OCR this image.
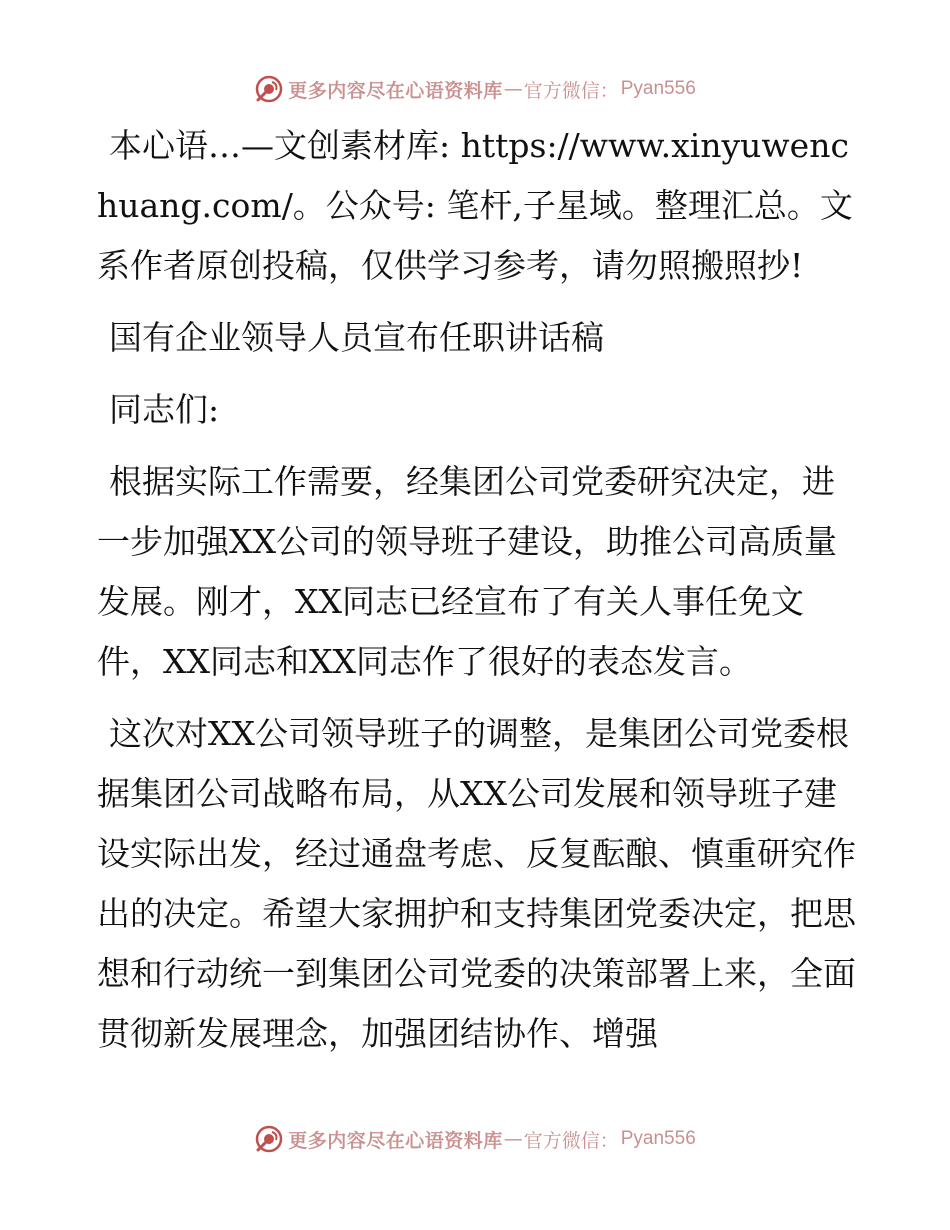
更多内容尽在心语资料库 — 官方微信： Pyan556

本心语…—文创素材库: https://www.xinyuwenchuang.com/。公众号: 笔杆,子星域。整理汇总。文系作者原创投稿，仅供学习参考，请勿照搬照抄!

国有企业领导人员宣布任职讲话稿

同志们:

根据实际工作需要，经集团公司党委研究决定，进一步加强XX公司的领导班子建设，助推公司高质量发展。刚才，XX同志已经宣布了有关人事任免文件，XX同志和XX同志作了很好的表态发言。

这次对XX公司领导班子的调整，是集团公司党委根据集团公司战略布局，从XX公司发展和领导班子建设实际出发，经过通盘考虑、反复酝酿、慎重研究作出的决定。希望大家拥护和支持集团党委决定，把思想和行动统一到集团公司党委的决策部署上来，全面贯彻新发展理念，加强团结协作、增强

更多内容尽在心语资料库 — 官方微信： Pyan556
